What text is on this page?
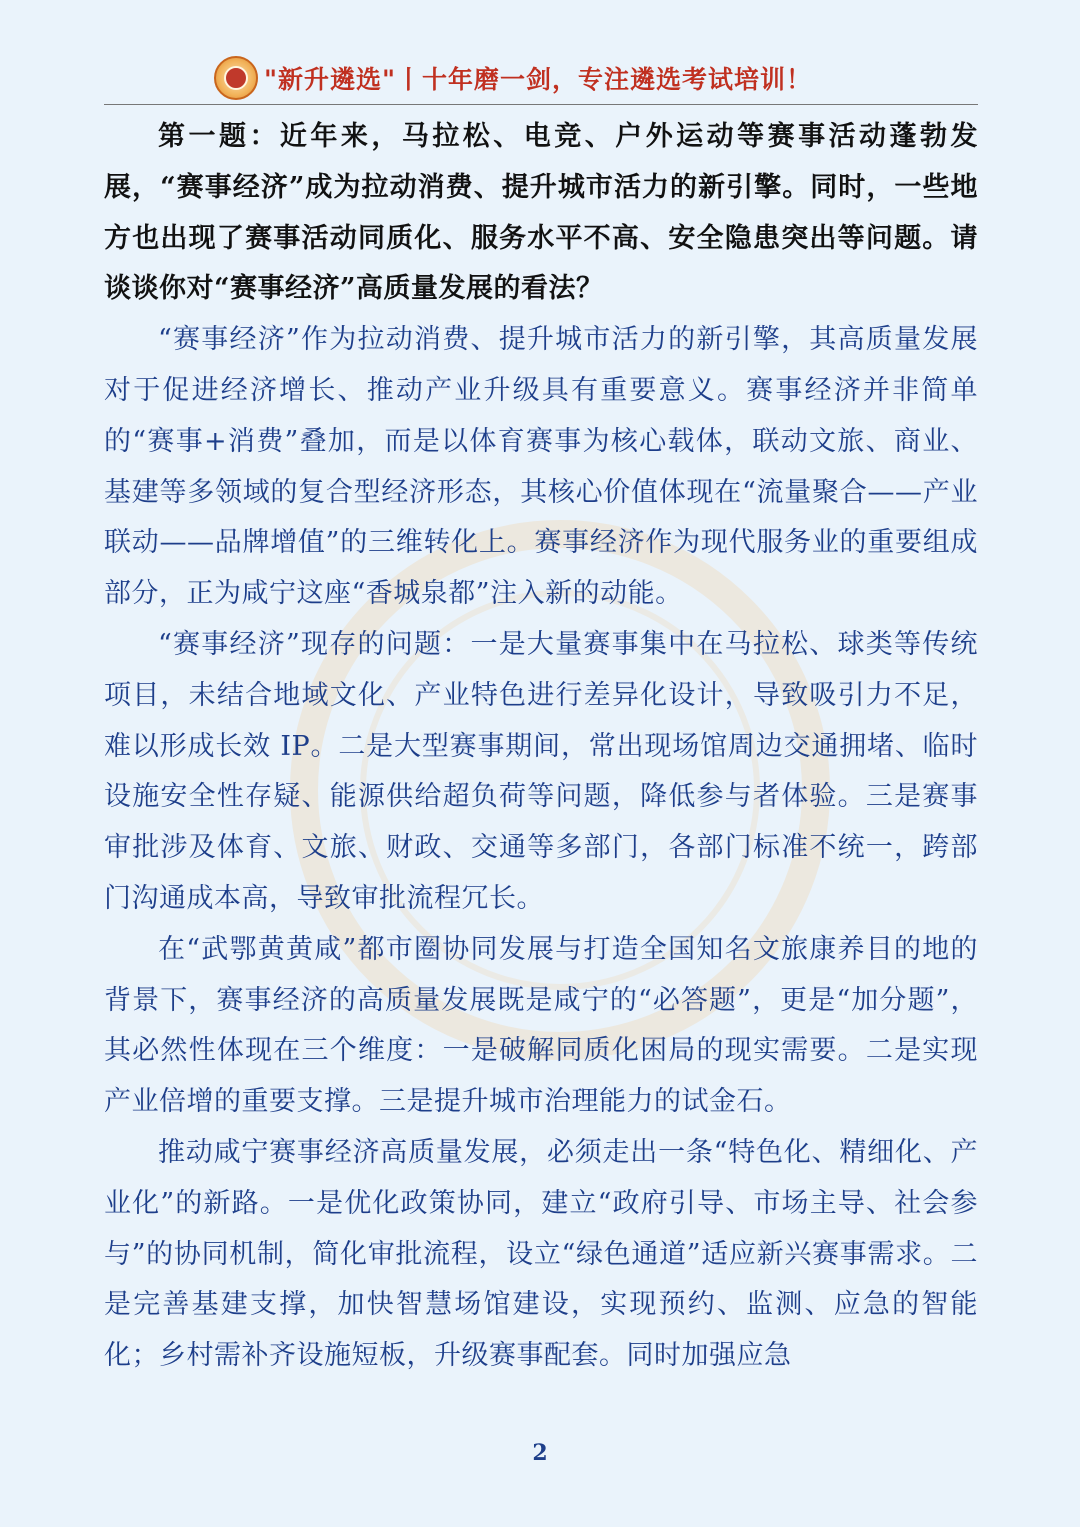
"新升遴选"丨十年磨一剑，专注遴选考试培训！

第一题：近年来，马拉松、电竞、户外运动等赛事活动蓬勃发展，“赛事经济”成为拉动消费、提升城市活力的新引擎。同时，一些地方也出现了赛事活动同质化、服务水平不高、安全隐患突出等问题。请谈谈你对“赛事经济”高质量发展的看法？

“赛事经济”作为拉动消费、提升城市活力的新引擎，其高质量发展对于促进经济增长、推动产业升级具有重要意义。赛事经济并非简单的“赛事+消费”叠加，而是以体育赛事为核心载体，联动文旅、商业、基建等多领域的复合型经济形态，其核心价值体现在“流量聚合——产业联动——品牌增值”的三维转化上。赛事经济作为现代服务业的重要组成部分，正为咸宁这座“香城泉都”注入新的动能。

“赛事经济”现存的问题：一是大量赛事集中在马拉松、球类等传统项目，未结合地域文化、产业特色进行差异化设计，导致吸引力不足，难以形成长效 IP。二是大型赛事期间，常出现场馆周边交通拥堵、临时设施安全性存疑、能源供给超负荷等问题，降低参与者体验。三是赛事审批涉及体育、文旅、财政、交通等多部门，各部门标准不统一，跨部门沟通成本高，导致审批流程冗长。

在“武鄂黄黄咸”都市圈协同发展与打造全国知名文旅康养目的地的背景下，赛事经济的高质量发展既是咸宁的“必答题”，更是“加分题”，其必然性体现在三个维度：一是破解同质化困局的现实需要。二是实现产业倍增的重要支撑。三是提升城市治理能力的试金石。

推动咸宁赛事经济高质量发展，必须走出一条“特色化、精细化、产业化”的新路。一是优化政策协同，建立“政府引导、市场主导、社会参与”的协同机制，简化审批流程，设立“绿色通道”适应新兴赛事需求。二是完善基建支撑，加快智慧场馆建设，实现预约、监测、应急的智能化；乡村需补齐设施短板，升级赛事配套。同时加强应急

2
